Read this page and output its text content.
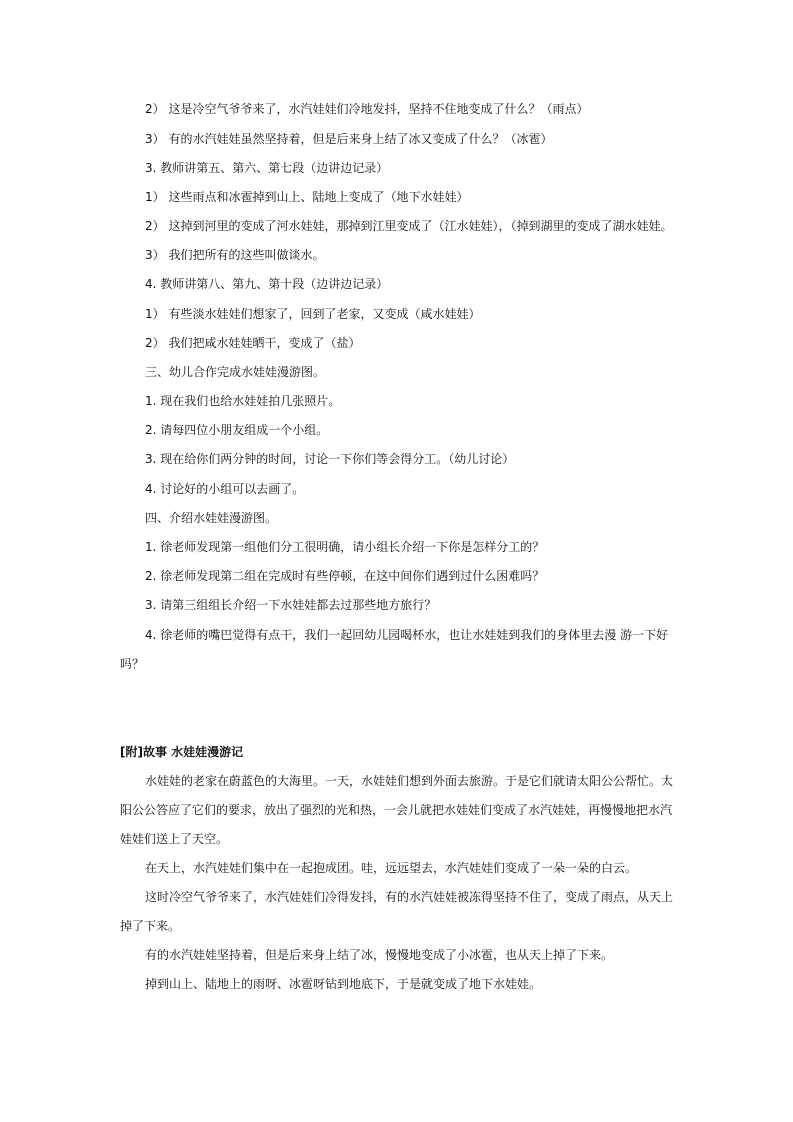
2） 这是冷空气爷爷来了，水汽娃娃们冷地发抖，坚持不住地变成了什么？（雨点）
3） 有的水汽娃娃虽然坚持着，但是后来身上结了冰又变成了什么？（冰雹）
3. 教师讲第五、第六、第七段（边讲边记录）
1） 这些雨点和冰雹掉到山上、陆地上变成了（地下水娃娃）
2） 这掉到河里的变成了河水娃娃，那掉到江里变成了（江水娃娃），（掉到湖里的变成了湖水娃娃。
3） 我们把所有的这些叫做谈水。
4. 教师讲第八、第九、第十段（边讲边记录）
1） 有些淡水娃娃们想家了，回到了老家，又变成（咸水娃娃）
2） 我们把咸水娃娃晒干，变成了（盐）
三、幼儿合作完成水娃娃漫游图。
1. 现在我们也给水娃娃拍几张照片。
2. 请每四位小朋友组成一个小组。
3. 现在给你们两分钟的时间，讨论一下你们等会得分工。（幼儿讨论）
4. 讨论好的小组可以去画了。
四、介绍水娃娃漫游图。
1. 徐老师发现第一组他们分工很明确，请小组长介绍一下你是怎样分工的？
2. 徐老师发现第二组在完成时有些停顿，在这中间你们遇到过什么困难吗？
3. 请第三组组长介绍一下水娃娃都去过那些地方旅行？
4. 徐老师的嘴巴觉得有点干，我们一起回幼儿园喝杯水，也让水娃娃到我们的身体里去漫 游一下好
吗？
[附]故事 水娃娃漫游记
水娃娃的老家在蔚蓝色的大海里。一天，水娃娃们想到外面去旅游。于是它们就请太阳公公帮忙。太
阳公公答应了它们的要求，放出了强烈的光和热，一会儿就把水娃娃们变成了水汽娃娃，再慢慢地把水汽
娃娃们送上了天空。
在天上，水汽娃娃们集中在一起抱成团。哇，远远望去，水汽娃娃们变成了一朵一朵的白云。
这时冷空气爷爷来了，水汽娃娃们冷得发抖，有的水汽娃娃被冻得坚持不住了，变成了雨点，从天上
掉了下来。
有的水汽娃娃坚持着，但是后来身上结了冰，慢慢地变成了小冰雹，也从天上掉了下来。
掉到山上、陆地上的雨呀、冰雹呀钻到地底下，于是就变成了地下水娃娃。
